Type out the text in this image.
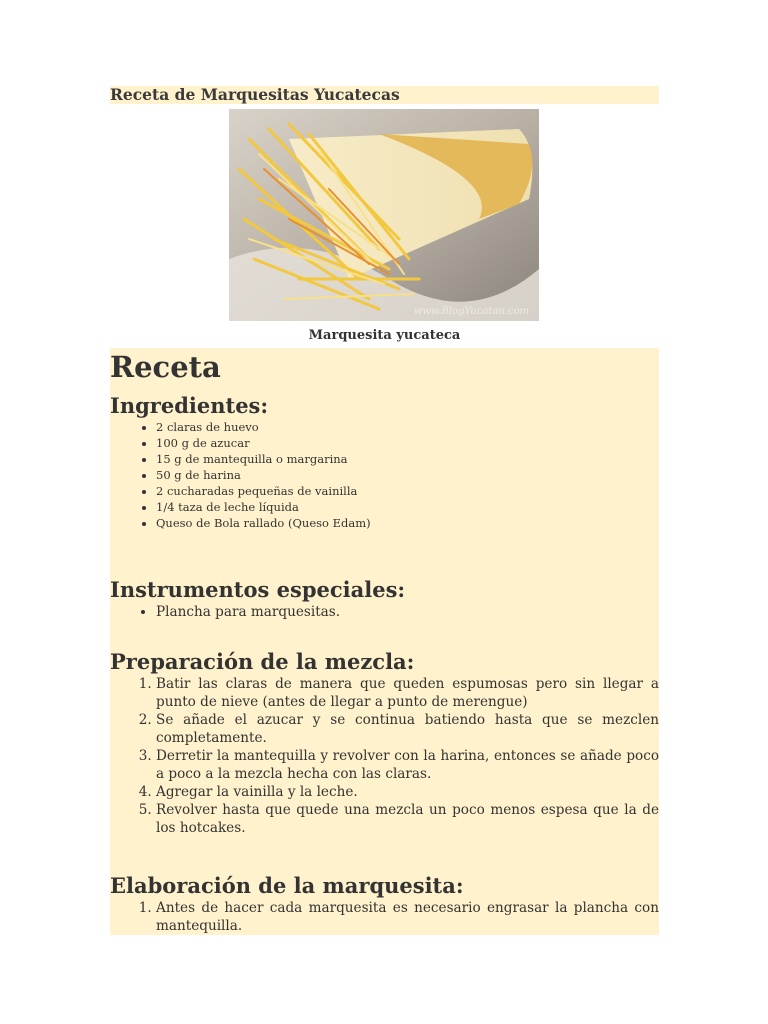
Receta de Marquesitas Yucatecas
www.BlogYucatan.com
Marquesita yucateca
Receta
Ingredientes:
• 2 claras de huevo
• 100 g de azucar
• 15 g de mantequilla o margarina
• 50 g de harina
• 2 cucharadas pequeñas de vainilla
• 1/4 taza de leche líquida
• Queso de Bola rallado (Queso Edam)
Instrumentos especiales:
• Plancha para marquesitas.
Preparación de la mezcla:
1. Batir las claras de manera que queden espumosas pero sin llegar a punto de nieve (antes de llegar a punto de merengue)
2. Se añade el azucar y se continua batiendo hasta que se mezclen completamente.
3. Derretir la mantequilla y revolver con la harina, entonces se añade poco a poco a la mezcla hecha con las claras.
4. Agregar la vainilla y la leche.
5. Revolver hasta que quede una mezcla un poco menos espesa que la de los hotcakes.
Elaboración de la marquesita:
1. Antes de hacer cada marquesita es necesario engrasar la plancha con mantequilla.
